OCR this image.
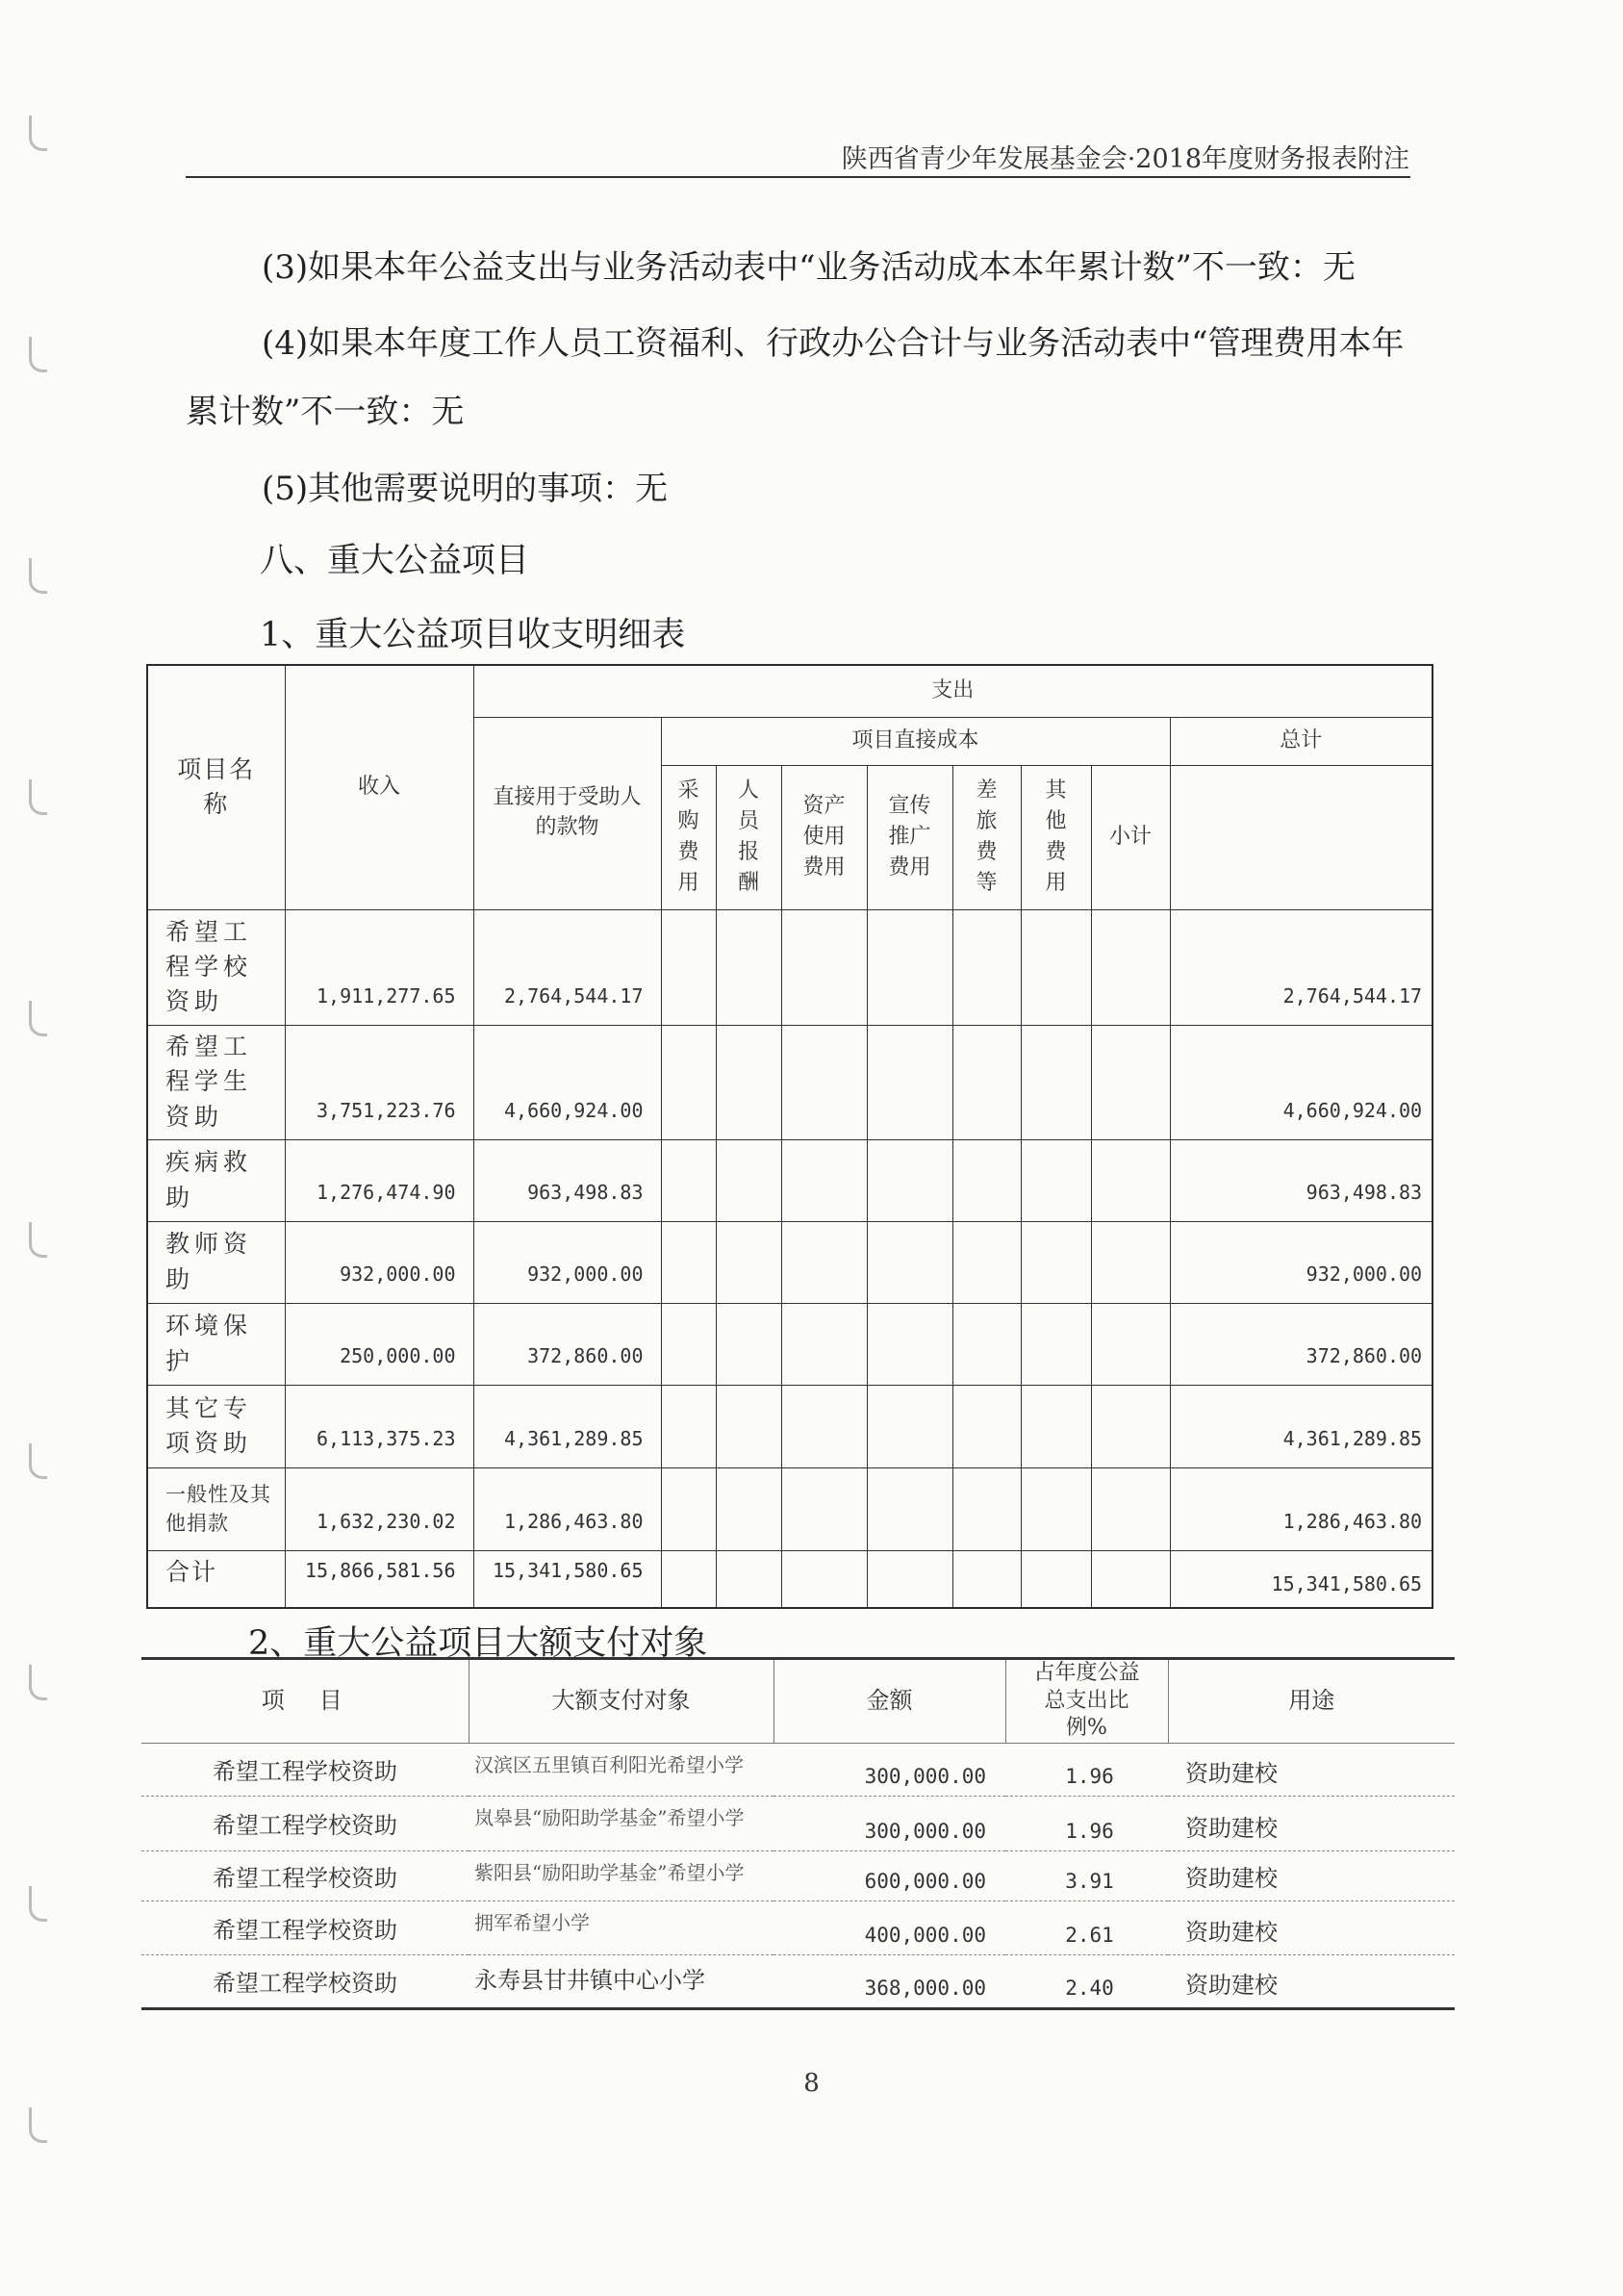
陕西省青少年发展基金会·2018年度财务报表附注
(3)如果本年公益支出与业务活动表中“业务活动成本本年累计数”不一致：无
(4)如果本年度工作人员工资福利、行政办公合计与业务活动表中“管理费用本年
累计数”不一致：无
(5)其他需要说明的事项：无
八、重大公益项目
1、重大公益项目收支明细表
项目名称	收入	支出								
		直接用于受助人的款物	项目直接成本							总计
			采购费用	人员报酬	资产使用费用	宣传推广费用	差旅费等	其他费用	小计	
希望工程学校资助	1,911,277.65	2,764,544.17								2,764,544.17
希望工程学生资助	3,751,223.76	4,660,924.00								4,660,924.00
疾病救助	1,276,474.90	963,498.83								963,498.83
教师资助	932,000.00	932,000.00								932,000.00
环境保护	250,000.00	372,860.00								372,860.00
其它专项资助	6,113,375.23	4,361,289.85								4,361,289.85
一般性及其他捐款	1,632,230.02	1,286,463.80								1,286,463.80
合计	15,866,581.56	15,341,580.65								15,341,580.65
2、重大公益项目大额支付对象
项　目	大额支付对象	金额	占年度公益总支出比例%	用途
希望工程学校资助	汉滨区五里镇百利阳光希望小学	300,000.00	1.96	资助建校
希望工程学校资助	岚皋县“励阳助学基金”希望小学	300,000.00	1.96	资助建校
希望工程学校资助	紫阳县“励阳助学基金”希望小学	600,000.00	3.91	资助建校
希望工程学校资助	拥军希望小学	400,000.00	2.61	资助建校
希望工程学校资助	永寿县甘井镇中心小学	368,000.00	2.40	资助建校
8
